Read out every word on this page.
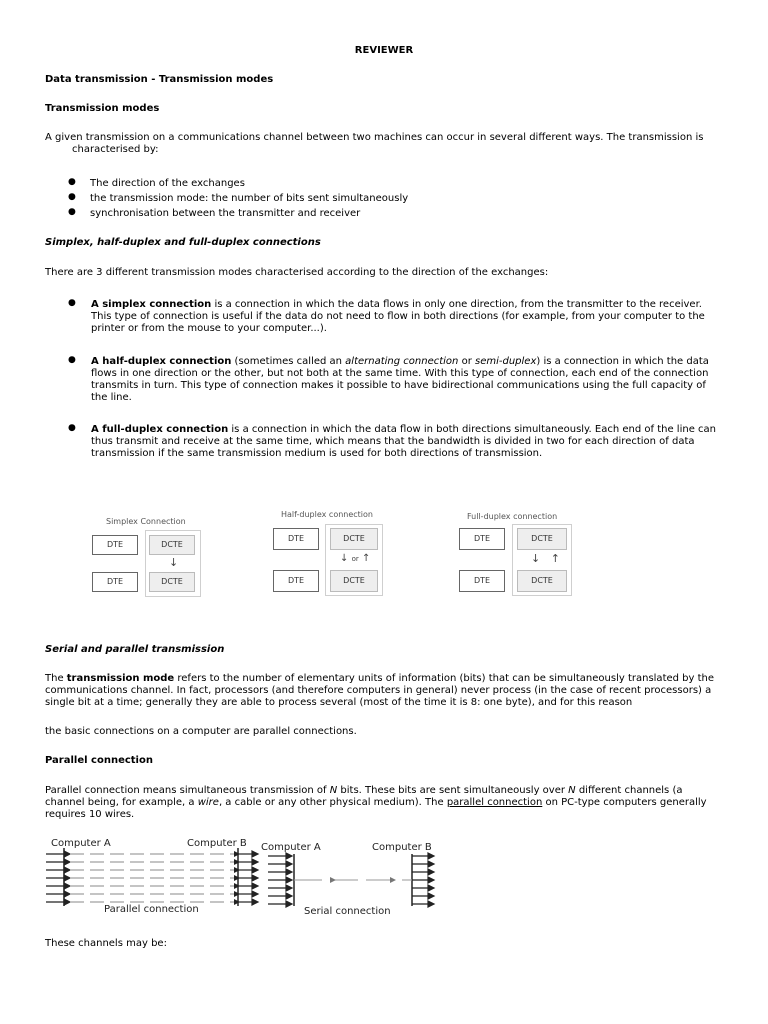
REVIEWER
Data transmission - Transmission modes
Transmission modes
A given transmission on a communications channel between two machines can occur in several different ways. The transmission is
characterised by:
● The direction of the exchanges
● the transmission mode: the number of bits sent simultaneously
● synchronisation between the transmitter and receiver
Simplex, half-duplex and full-duplex connections
There are 3 different transmission modes characterised according to the direction of the exchanges:
● A simplex connection is a connection in which the data flows in only one direction, from the transmitter to the receiver.
This type of connection is useful if the data do not need to flow in both directions (for example, from your computer to the
printer or from the mouse to your computer...).
● A half-duplex connection (sometimes called an alternating connection or semi-duplex) is a connection in which the data
flows in one direction or the other, but not both at the same time. With this type of connection, each end of the connection
transmits in turn. This type of connection makes it possible to have bidirectional communications using the full capacity of
the line.
● A full-duplex connection is a connection in which the data flow in both directions simultaneously. Each end of the line can
thus transmit and receive at the same time, which means that the bandwidth is divided in two for each direction of data
transmission if the same transmission medium is used for both directions of transmission.
Simplex Connection
DTE	DCTE
↓
DTE	DCTE
Half-duplex connection
DTE	DCTE
↓ or ↑
DTE	DCTE
Full-duplex connection
DTE	DCTE
↓ ↑
DTE	DCTE
Serial and parallel transmission
The transmission mode refers to the number of elementary units of information (bits) that can be simultaneously translated by the
communications channel. In fact, processors (and therefore computers in general) never process (in the case of recent processors) a
single bit at a time; generally they are able to process several (most of the time it is 8: one byte), and for this reason
the basic connections on a computer are parallel connections.
Parallel connection
Parallel connection means simultaneous transmission of N bits. These bits are sent simultaneously over N different channels (a
channel being, for example, a wire, a cable or any other physical medium). The parallel connection on PC-type computers generally
requires 10 wires.
Computer A	Computer B
Parallel connection
Computer A	Computer B
Serial connection
These channels may be:
